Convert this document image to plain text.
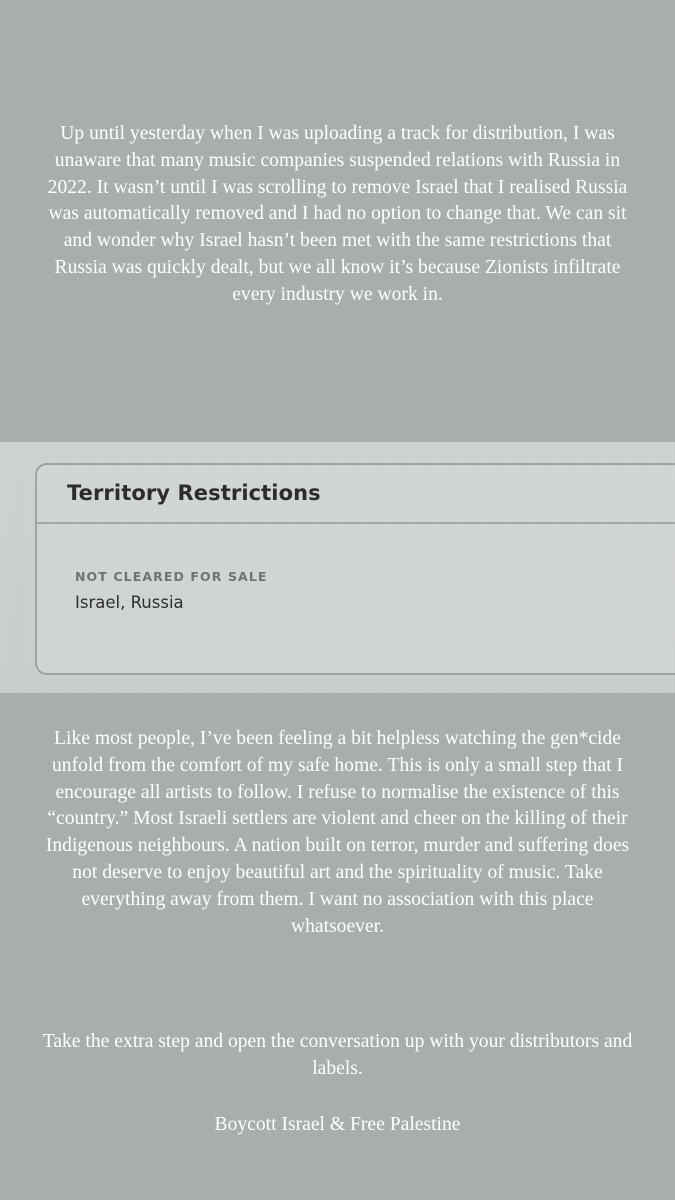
Up until yesterday when I was uploading a track for distribution, I was unaware that many music companies suspended relations with Russia in 2022. It wasn’t until I was scrolling to remove Israel that I realised Russia was automatically removed and I had no option to change that. We can sit and wonder why Israel hasn’t been met with the same restrictions that Russia was quickly dealt, but we all know it’s because Zionists infiltrate every industry we work in.

Territory Restrictions
NOT CLEARED FOR SALE
Israel, Russia

Like most people, I’ve been feeling a bit helpless watching the gen*cide unfold from the comfort of my safe home. This is only a small step that I encourage all artists to follow. I refuse to normalise the existence of this “country.” Most Israeli settlers are violent and cheer on the killing of their Indigenous neighbours. A nation built on terror, murder and suffering does not deserve to enjoy beautiful art and the spirituality of music. Take everything away from them. I want no association with this place whatsoever.

Take the extra step and open the conversation up with your distributors and labels.

Boycott Israel & Free Palestine
